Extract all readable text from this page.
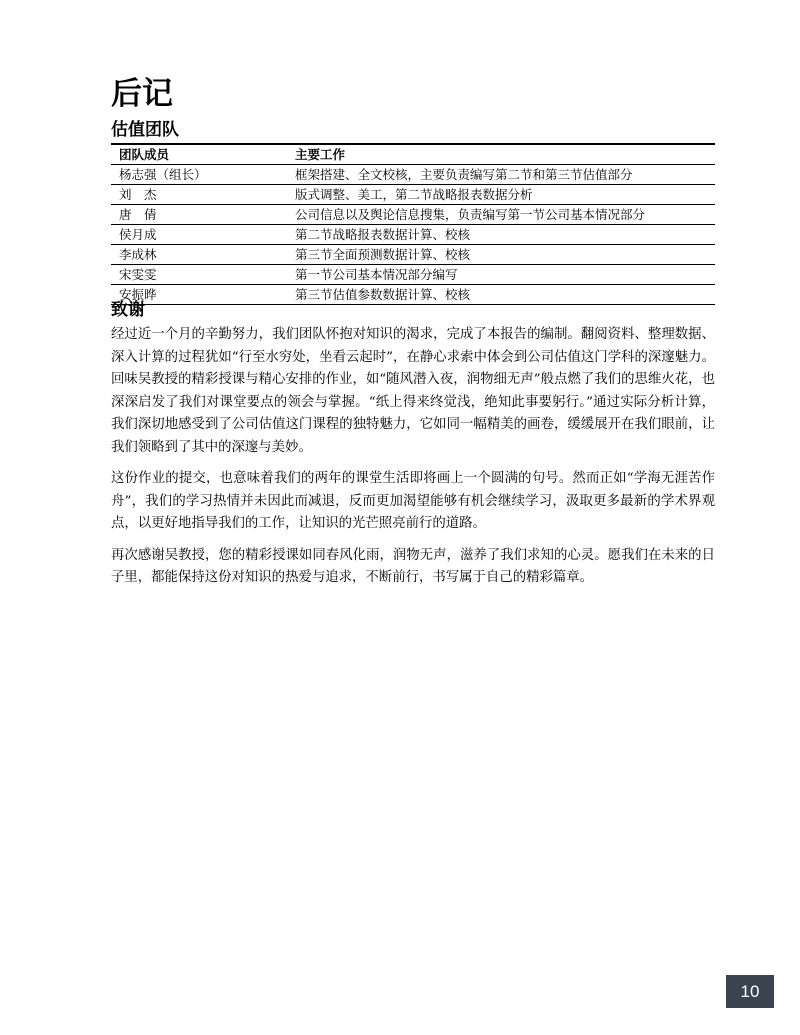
后记
估值团队
团队成员	主要工作
杨志强（组长）	框架搭建、全文校核，主要负责编写第二节和第三节估值部分
刘　杰	版式调整、美工，第二节战略报表数据分析
唐　倩	公司信息以及舆论信息搜集，负责编写第一节公司基本情况部分
侯月成	第二节战略报表数据计算、校核
李成林	第三节全面预测数据计算、校核
宋雯雯	第一节公司基本情况部分编写
安振晔	第三节估值参数数据计算、校核
致谢

经过近一个月的辛勤努力，我们团队怀抱对知识的渴求，完成了本报告的编制。翻阅资料、整理数据、深入计算的过程犹如“行至水穷处，坐看云起时”，在静心求索中体会到公司估值这门学科的深邃魅力。回味吴教授的精彩授课与精心安排的作业，如“随风潜入夜，润物细无声”般点燃了我们的思维火花，也深深启发了我们对课堂要点的领会与掌握。“纸上得来终觉浅，绝知此事要躬行。”通过实际分析计算，我们深切地感受到了公司估值这门课程的独特魅力，它如同一幅精美的画卷，缓缓展开在我们眼前，让我们领略到了其中的深邃与美妙。

这份作业的提交，也意味着我们的两年的课堂生活即将画上一个圆满的句号。然而正如“学海无涯苦作舟”，我们的学习热情并未因此而减退，反而更加渴望能够有机会继续学习，汲取更多最新的学术界观点，以更好地指导我们的工作，让知识的光芒照亮前行的道路。

再次感谢吴教授，您的精彩授课如同春风化雨，润物无声，滋养了我们求知的心灵。愿我们在未来的日子里，都能保持这份对知识的热爱与追求，不断前行，书写属于自己的精彩篇章。

10
